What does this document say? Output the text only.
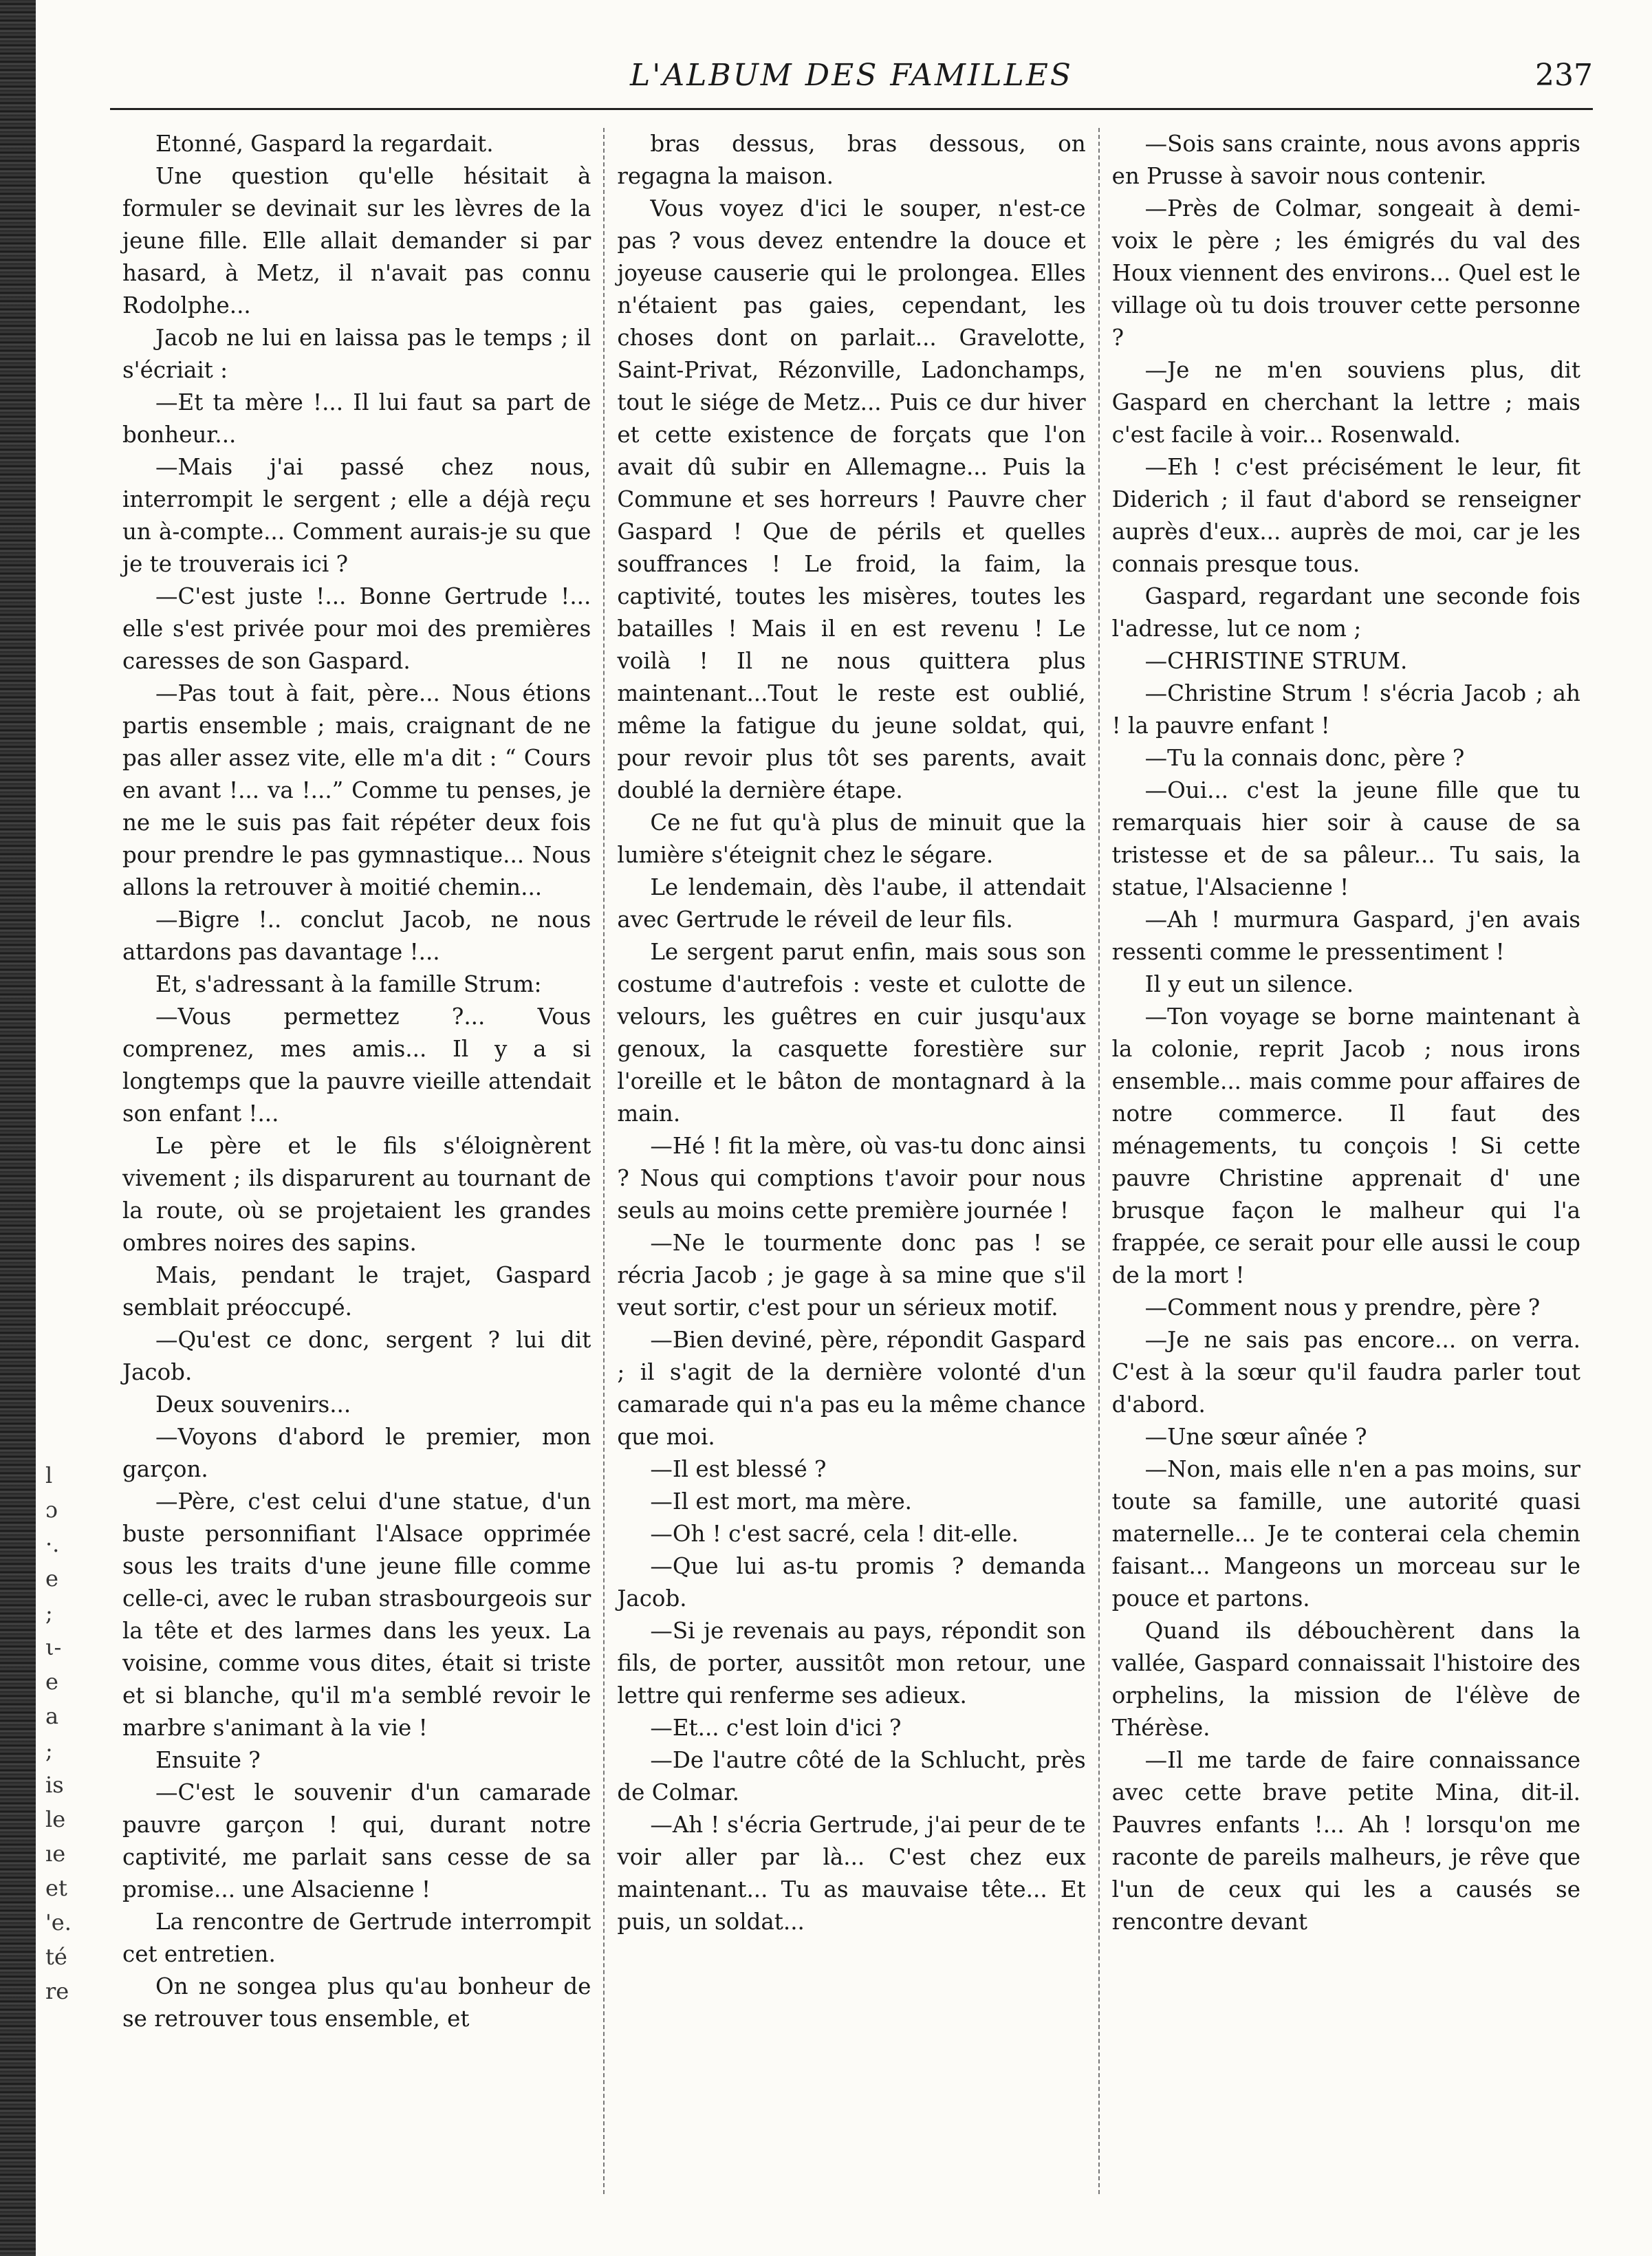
l
ɔ
·.
e
;
ι-
e
a
;
is
le
ıe
et
'e.
té
re
L'ALBUM DES FAMILLES	237

Etonné, Gaspard la regardait.

Une question qu'elle hésitait à formuler se devinait sur les lèvres de la jeune fille. Elle allait demander si par hasard, à Metz, il n'avait pas connu Rodolphe...

Jacob ne lui en laissa pas le temps ; il s'écriait :

—Et ta mère !... Il lui faut sa part de bonheur...

—Mais j'ai passé chez nous, interrompit le sergent ; elle a déjà reçu un à-compte... Comment aurais-je su que je te trouverais ici ?

—C'est juste !... Bonne Gertrude !... elle s'est privée pour moi des premières caresses de son Gaspard.

—Pas tout à fait, père... Nous étions partis ensemble ; mais, craignant de ne pas aller assez vite, elle m'a dit : “ Cours en avant !... va !...” Comme tu penses, je ne me le suis pas fait répéter deux fois pour prendre le pas gymnastique... Nous allons la retrouver à moitié chemin...

—Bigre !.. conclut Jacob, ne nous attardons pas davantage !...

Et, s'adressant à la famille Strum:

—Vous permettez ?... Vous comprenez, mes amis... Il y a si longtemps que la pauvre vieille attendait son enfant !...

Le père et le fils s'éloignèrent vivement ; ils disparurent au tournant de la route, où se projetaient les grandes ombres noires des sapins.

Mais, pendant le trajet, Gaspard semblait préoccupé.

—Qu'est ce donc, sergent ? lui dit Jacob.

Deux souvenirs...

—Voyons d'abord le premier, mon garçon.

—Père, c'est celui d'une statue, d'un buste personnifiant l'Alsace opprimée sous les traits d'une jeune fille comme celle-ci, avec le ruban strasbourgeois sur la tête et des larmes dans les yeux. La voisine, comme vous dites, était si triste et si blanche, qu'il m'a semblé revoir le marbre s'animant à la vie !

Ensuite ?

—C'est le souvenir d'un camarade pauvre garçon ! qui, durant notre captivité, me parlait sans cesse de sa promise... une Alsacienne !

La rencontre de Gertrude interrompit cet entretien.

On ne songea plus qu'au bonheur de se retrouver tous ensemble, et

bras dessus, bras dessous, on regagna la maison.

Vous voyez d'ici le souper, n'est-ce pas ? vous devez entendre la douce et joyeuse causerie qui le prolongea. Elles n'étaient pas gaies, cependant, les choses dont on parlait... Gravelotte, Saint-Privat, Rézonville, Ladonchamps, tout le siége de Metz... Puis ce dur hiver et cette existence de forçats que l'on avait dû subir en Allemagne... Puis la Commune et ses horreurs ! Pauvre cher Gaspard ! Que de périls et quelles souffrances ! Le froid, la faim, la captivité, toutes les misères, toutes les batailles ! Mais il en est revenu ! Le voilà ! Il ne nous quittera plus maintenant...Tout le reste est oublié, même la fatigue du jeune soldat, qui, pour revoir plus tôt ses parents, avait doublé la dernière étape.

Ce ne fut qu'à plus de minuit que la lumière s'éteignit chez le ségare.

Le lendemain, dès l'aube, il attendait avec Gertrude le réveil de leur fils.

Le sergent parut enfin, mais sous son costume d'autrefois : veste et culotte de velours, les guêtres en cuir jusqu'aux genoux, la casquette forestière sur l'oreille et le bâton de montagnard à la main.

—Hé ! fit la mère, où vas-tu donc ainsi ? Nous qui comptions t'avoir pour nous seuls au moins cette première journée !

—Ne le tourmente donc pas ! se récria Jacob ; je gage à sa mine que s'il veut sortir, c'est pour un sérieux motif.

—Bien deviné, père, répondit Gaspard ; il s'agit de la dernière volonté d'un camarade qui n'a pas eu la même chance que moi.

—Il est blessé ?

—Il est mort, ma mère.

—Oh ! c'est sacré, cela ! dit-elle.

—Que lui as-tu promis ? demanda Jacob.

—Si je revenais au pays, répondit son fils, de porter, aussitôt mon retour, une lettre qui renferme ses adieux.

—Et... c'est loin d'ici ?

—De l'autre côté de la Schlucht, près de Colmar.

—Ah ! s'écria Gertrude, j'ai peur de te voir aller par là... C'est chez eux maintenant... Tu as mauvaise tête... Et puis, un soldat...

—Sois sans crainte, nous avons appris en Prusse à savoir nous contenir.

—Près de Colmar, songeait à demi-voix le père ; les émigrés du val des Houx viennent des environs... Quel est le village où tu dois trouver cette personne ?

—Je ne m'en souviens plus, dit Gaspard en cherchant la lettre ; mais c'est facile à voir... Rosenwald.

—Eh ! c'est précisément le leur, fit Diderich ; il faut d'abord se renseigner auprès d'eux... auprès de moi, car je les connais presque tous.

Gaspard, regardant une seconde fois l'adresse, lut ce nom ;

—CHRISTINE STRUM.

—Christine Strum ! s'écria Jacob ; ah ! la pauvre enfant !

—Tu la connais donc, père ?

—Oui... c'est la jeune fille que tu remarquais hier soir à cause de sa tristesse et de sa pâleur... Tu sais, la statue, l'Alsacienne !

—Ah ! murmura Gaspard, j'en avais ressenti comme le pressentiment !

Il y eut un silence.

—Ton voyage se borne maintenant à la colonie, reprit Jacob ; nous irons ensemble... mais comme pour affaires de notre commerce. Il faut des ménagements, tu conçois ! Si cette pauvre Christine apprenait d' une brusque façon le malheur qui l'a frappée, ce serait pour elle aussi le coup de la mort !

—Comment nous y prendre, père ?

—Je ne sais pas encore... on verra. C'est à la sœur qu'il faudra parler tout d'abord.

—Une sœur aînée ?

—Non, mais elle n'en a pas moins, sur toute sa famille, une autorité quasi maternelle... Je te conterai cela chemin faisant... Mangeons un morceau sur le pouce et partons.

Quand ils débouchèrent dans la vallée, Gaspard connaissait l'histoire des orphelins, la mission de l'élève de Thérèse.

—Il me tarde de faire connaissance avec cette brave petite Mina, dit-il. Pauvres enfants !... Ah ! lorsqu'on me raconte de pareils malheurs, je rêve que l'un de ceux qui les a causés se rencontre devant
